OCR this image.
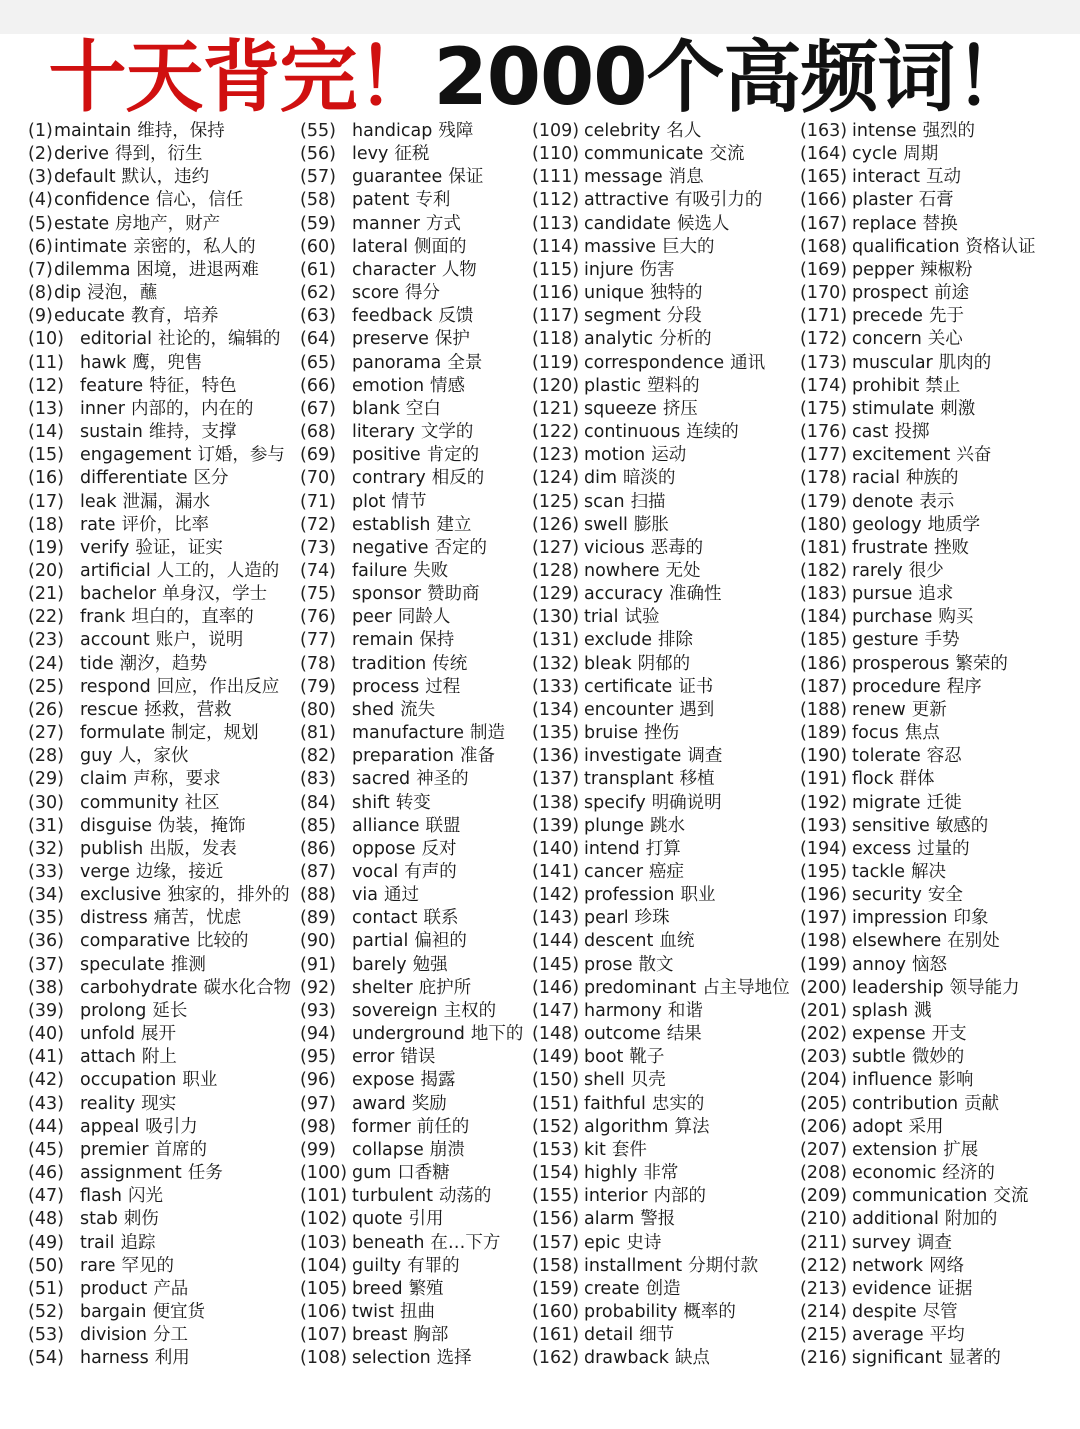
十天背完！2000个高频词！
(1)maintain 维持，保持
(2)derive 得到，衍生
(3)default 默认，违约
(4)confidence 信心，信任
(5)estate 房地产，财产
(6)intimate 亲密的，私人的
(7)dilemma 困境，进退两难
(8)dip 浸泡，蘸
(9)educate 教育，培养
(10) editorial 社论的，编辑的
(11) hawk 鹰，兜售
(12) feature 特征，特色
(13) inner 内部的，内在的
(14) sustain 维持，支撑
(15) engagement 订婚，参与
(16) differentiate 区分
(17) leak 泄漏，漏水
(18) rate 评价，比率
(19) verify 验证，证实
(20) artificial 人工的，人造的
(21) bachelor 单身汉，学士
(22) frank 坦白的，直率的
(23) account 账户，说明
(24) tide 潮汐，趋势
(25) respond 回应，作出反应
(26) rescue 拯救，营救
(27) formulate 制定，规划
(28) guy 人，家伙
(29) claim 声称，要求
(30) community 社区
(31) disguise 伪装，掩饰
(32) publish 出版，发表
(33) verge 边缘，接近
(34) exclusive 独家的，排外的
(35) distress 痛苦，忧虑
(36) comparative 比较的
(37) speculate 推测
(38) carbohydrate 碳水化合物
(39) prolong 延长
(40) unfold 展开
(41) attach 附上
(42) occupation 职业
(43) reality 现实
(44) appeal 吸引力
(45) premier 首席的
(46) assignment 任务
(47) flash 闪光
(48) stab 刺伤
(49) trail 追踪
(50) rare 罕见的
(51) product 产品
(52) bargain 便宜货
(53) division 分工
(54) harness 利用
(55) handicap 残障
(56) levy 征税
(57) guarantee 保证
(58) patent 专利
(59) manner 方式
(60) lateral 侧面的
(61) character 人物
(62) score 得分
(63) feedback 反馈
(64) preserve 保护
(65) panorama 全景
(66) emotion 情感
(67) blank 空白
(68) literary 文学的
(69) positive 肯定的
(70) contrary 相反的
(71) plot 情节
(72) establish 建立
(73) negative 否定的
(74) failure 失败
(75) sponsor 赞助商
(76) peer 同龄人
(77) remain 保持
(78) tradition 传统
(79) process 过程
(80) shed 流失
(81) manufacture 制造
(82) preparation 准备
(83) sacred 神圣的
(84) shift 转变
(85) alliance 联盟
(86) oppose 反对
(87) vocal 有声的
(88) via 通过
(89) contact 联系
(90) partial 偏袒的
(91) barely 勉强
(92) shelter 庇护所
(93) sovereign 主权的
(94) underground 地下的
(95) error 错误
(96) expose 揭露
(97) award 奖励
(98) former 前任的
(99) collapse 崩溃
(100) gum 口香糖
(101) turbulent 动荡的
(102) quote 引用
(103) beneath 在…下方
(104) guilty 有罪的
(105) breed 繁殖
(106) twist 扭曲
(107) breast 胸部
(108) selection 选择
(109) celebrity 名人
(110) communicate 交流
(111) message 消息
(112) attractive 有吸引力的
(113) candidate 候选人
(114) massive 巨大的
(115) injure 伤害
(116) unique 独特的
(117) segment 分段
(118) analytic 分析的
(119) correspondence 通讯
(120) plastic 塑料的
(121) squeeze 挤压
(122) continuous 连续的
(123) motion 运动
(124) dim 暗淡的
(125) scan 扫描
(126) swell 膨胀
(127) vicious 恶毒的
(128) nowhere 无处
(129) accuracy 准确性
(130) trial 试验
(131) exclude 排除
(132) bleak 阴郁的
(133) certificate 证书
(134) encounter 遇到
(135) bruise 挫伤
(136) investigate 调查
(137) transplant 移植
(138) specify 明确说明
(139) plunge 跳水
(140) intend 打算
(141) cancer 癌症
(142) profession 职业
(143) pearl 珍珠
(144) descent 血统
(145) prose 散文
(146) predominant 占主导地位
(147) harmony 和谐
(148) outcome 结果
(149) boot 靴子
(150) shell 贝壳
(151) faithful 忠实的
(152) algorithm 算法
(153) kit 套件
(154) highly 非常
(155) interior 内部的
(156) alarm 警报
(157) epic 史诗
(158) installment 分期付款
(159) create 创造
(160) probability 概率的
(161) detail 细节
(162) drawback 缺点
(163) intense 强烈的
(164) cycle 周期
(165) interact 互动
(166) plaster 石膏
(167) replace 替换
(168) qualification 资格认证
(169) pepper 辣椒粉
(170) prospect 前途
(171) precede 先于
(172) concern 关心
(173) muscular 肌肉的
(174) prohibit 禁止
(175) stimulate 刺激
(176) cast 投掷
(177) excitement 兴奋
(178) racial 种族的
(179) denote 表示
(180) geology 地质学
(181) frustrate 挫败
(182) rarely 很少
(183) pursue 追求
(184) purchase 购买
(185) gesture 手势
(186) prosperous 繁荣的
(187) procedure 程序
(188) renew 更新
(189) focus 焦点
(190) tolerate 容忍
(191) flock 群体
(192) migrate 迁徙
(193) sensitive 敏感的
(194) excess 过量的
(195) tackle 解决
(196) security 安全
(197) impression 印象
(198) elsewhere 在别处
(199) annoy 恼怒
(200) leadership 领导能力
(201) splash 溅
(202) expense 开支
(203) subtle 微妙的
(204) influence 影响
(205) contribution 贡献
(206) adopt 采用
(207) extension 扩展
(208) economic 经济的
(209) communication 交流
(210) additional 附加的
(211) survey 调查
(212) network 网络
(213) evidence 证据
(214) despite 尽管
(215) average 平均
(216) significant 显著的
